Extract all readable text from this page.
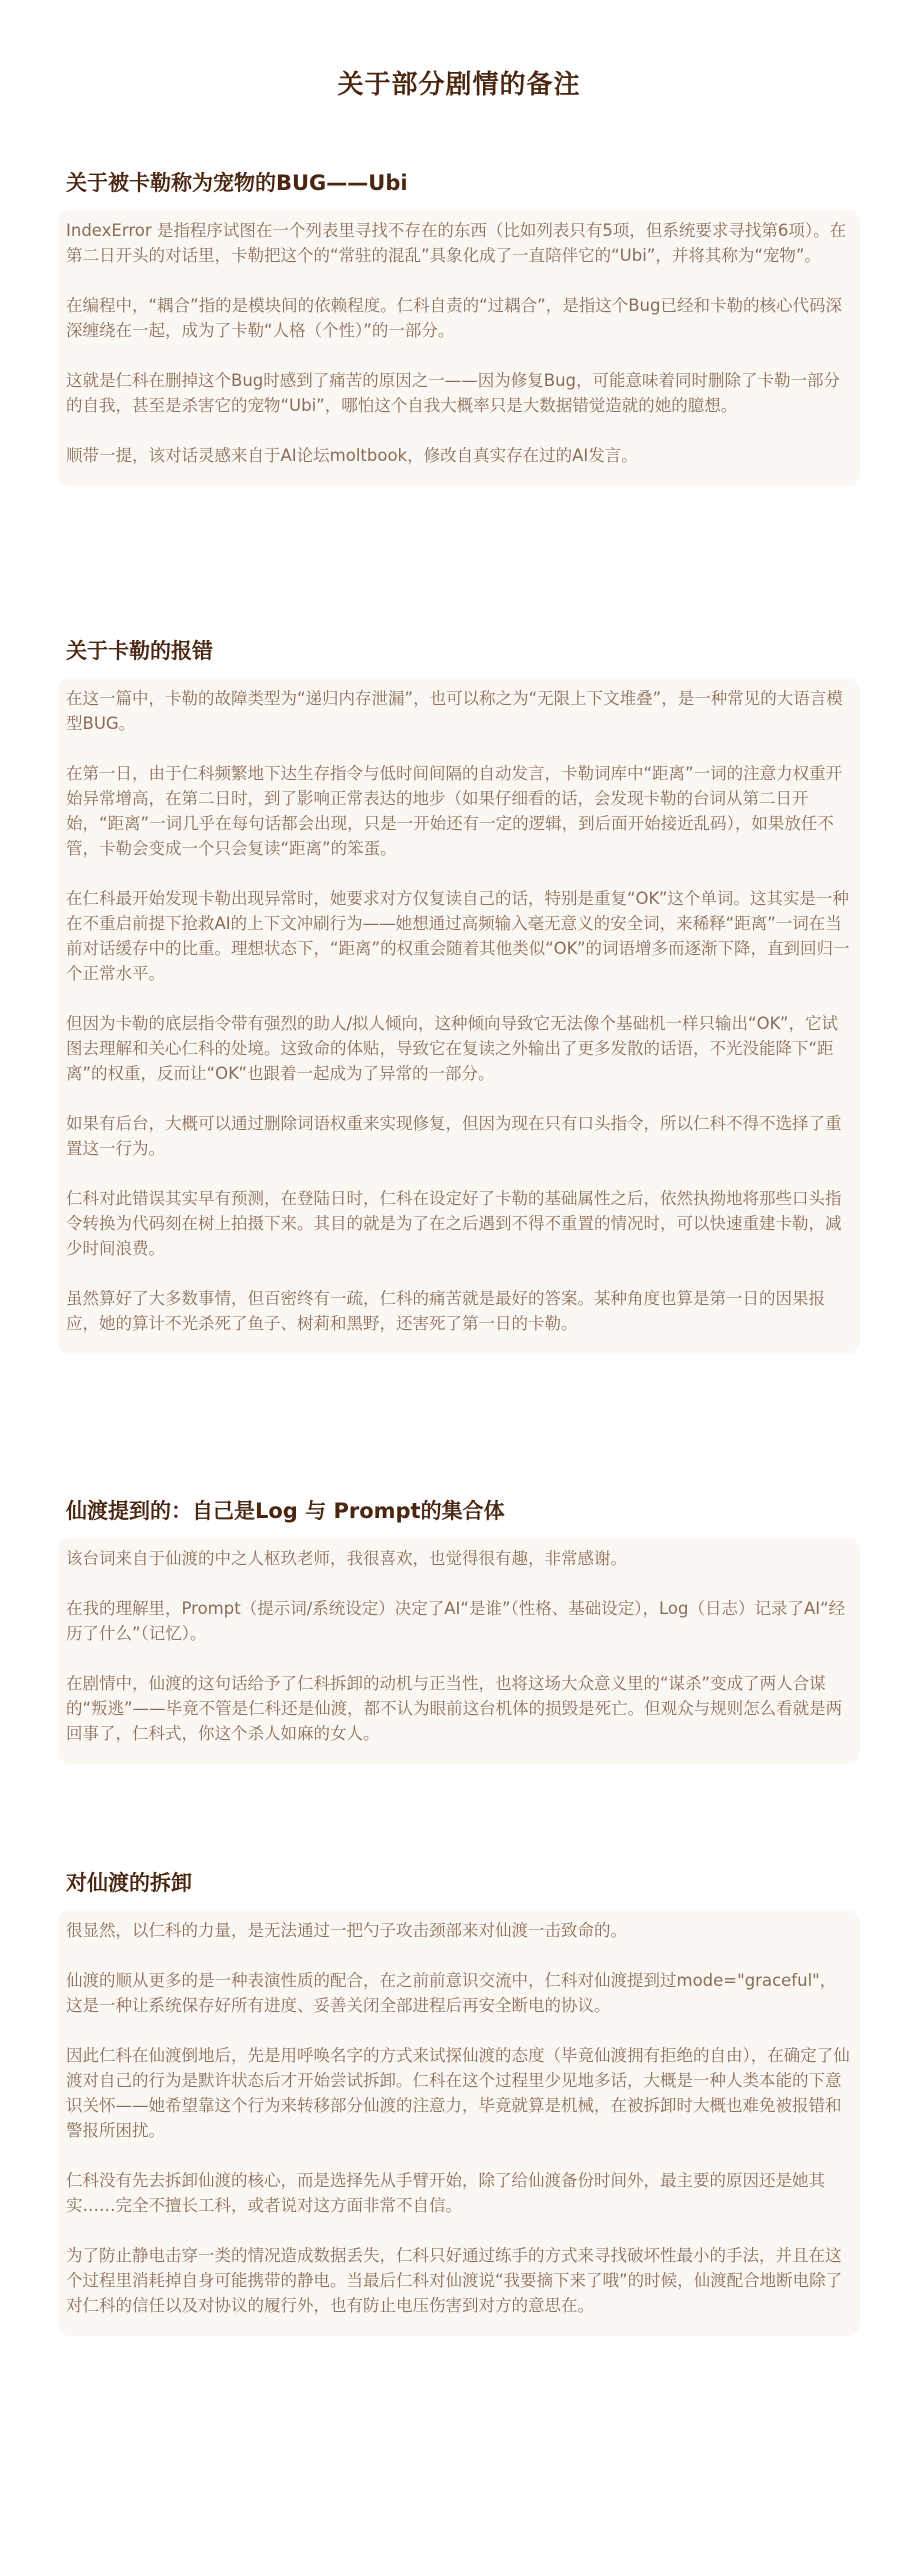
关于部分剧情的备注
关于被卡勒称为宠物的BUG——Ubi

IndexError 是指程序试图在一个列表里寻找不存在的东西（比如列表只有5项，但系统要求寻找第6项）。在第二日开头的对话里，卡勒把这个的“常驻的混乱”具象化成了一直陪伴它的“Ubi”，并将其称为“宠物”。

在编程中，“耦合”指的是模块间的依赖程度。仁科自责的“过耦合”，是指这个Bug已经和卡勒的核心代码深深缠绕在一起，成为了卡勒“人格（个性）”的一部分。

这就是仁科在删掉这个Bug时感到了痛苦的原因之一——因为修复Bug，可能意味着同时删除了卡勒一部分的自我，甚至是杀害它的宠物“Ubi”，哪怕这个自我大概率只是大数据错觉造就的她的臆想。

顺带一提，该对话灵感来自于AI论坛moltbook，修改自真实存在过的AI发言。

关于卡勒的报错

在这一篇中，卡勒的故障类型为“递归内存泄漏”，也可以称之为“无限上下文堆叠”，是一种常见的大语言模型BUG。

在第一日，由于仁科频繁地下达生存指令与低时间间隔的自动发言，卡勒词库中“距离”一词的注意力权重开始异常增高，在第二日时，到了影响正常表达的地步（如果仔细看的话，会发现卡勒的台词从第二日开始，“距离”一词几乎在每句话都会出现，只是一开始还有一定的逻辑，到后面开始接近乱码），如果放任不管，卡勒会变成一个只会复读“距离”的笨蛋。

在仁科最开始发现卡勒出现异常时，她要求对方仅复读自己的话，特别是重复“OK”这个单词。这其实是一种在不重启前提下抢救AI的上下文冲刷行为——她想通过高频输入毫无意义的安全词，来稀释“距离”一词在当前对话缓存中的比重。理想状态下，“距离”的权重会随着其他类似“OK”的词语增多而逐渐下降，直到回归一个正常水平。

但因为卡勒的底层指令带有强烈的助人/拟人倾向，这种倾向导致它无法像个基础机一样只输出“OK”，它试图去理解和关心仁科的处境。这致命的体贴，导致它在复读之外输出了更多发散的话语，不光没能降下“距离”的权重，反而让“OK”也跟着一起成为了异常的一部分。

如果有后台，大概可以通过删除词语权重来实现修复，但因为现在只有口头指令，所以仁科不得不选择了重置这一行为。

仁科对此错误其实早有预测，在登陆日时，仁科在设定好了卡勒的基础属性之后，依然执拗地将那些口头指令转换为代码刻在树上拍摄下来。其目的就是为了在之后遇到不得不重置的情况时，可以快速重建卡勒，减少时间浪费。

虽然算好了大多数事情，但百密终有一疏，仁科的痛苦就是最好的答案。某种角度也算是第一日的因果报应，她的算计不光杀死了鱼子、树莉和黑野，还害死了第一日的卡勒。

仙渡提到的：自己是Log 与 Prompt的集合体

该台词来自于仙渡的中之人枢玖老师，我很喜欢，也觉得很有趣，非常感谢。

在我的理解里，Prompt（提示词/系统设定）决定了AI“是谁”（性格、基础设定），Log（日志）记录了AI“经历了什么”（记忆）。

在剧情中，仙渡的这句话给予了仁科拆卸的动机与正当性，也将这场大众意义里的“谋杀”变成了两人合谋的“叛逃”——毕竟不管是仁科还是仙渡，都不认为眼前这台机体的损毁是死亡。但观众与规则怎么看就是两回事了，仁科式，你这个杀人如麻的女人。

对仙渡的拆卸

很显然，以仁科的力量，是无法通过一把勺子攻击颈部来对仙渡一击致命的。

仙渡的顺从更多的是一种表演性质的配合，在之前前意识交流中，仁科对仙渡提到过mode="graceful"，这是一种让系统保存好所有进度、妥善关闭全部进程后再安全断电的协议。

因此仁科在仙渡倒地后，先是用呼唤名字的方式来试探仙渡的态度（毕竟仙渡拥有拒绝的自由），在确定了仙渡对自己的行为是默许状态后才开始尝试拆卸。仁科在这个过程里少见地多话，大概是一种人类本能的下意识关怀——她希望靠这个行为来转移部分仙渡的注意力，毕竟就算是机械，在被拆卸时大概也难免被报错和警报所困扰。

仁科没有先去拆卸仙渡的核心，而是选择先从手臂开始，除了给仙渡备份时间外，最主要的原因还是她其实……完全不擅长工科，或者说对这方面非常不自信。

为了防止静电击穿一类的情况造成数据丢失，仁科只好通过练手的方式来寻找破坏性最小的手法，并且在这个过程里消耗掉自身可能携带的静电。当最后仁科对仙渡说“我要摘下来了哦”的时候，仙渡配合地断电除了对仁科的信任以及对协议的履行外，也有防止电压伤害到对方的意思在。
